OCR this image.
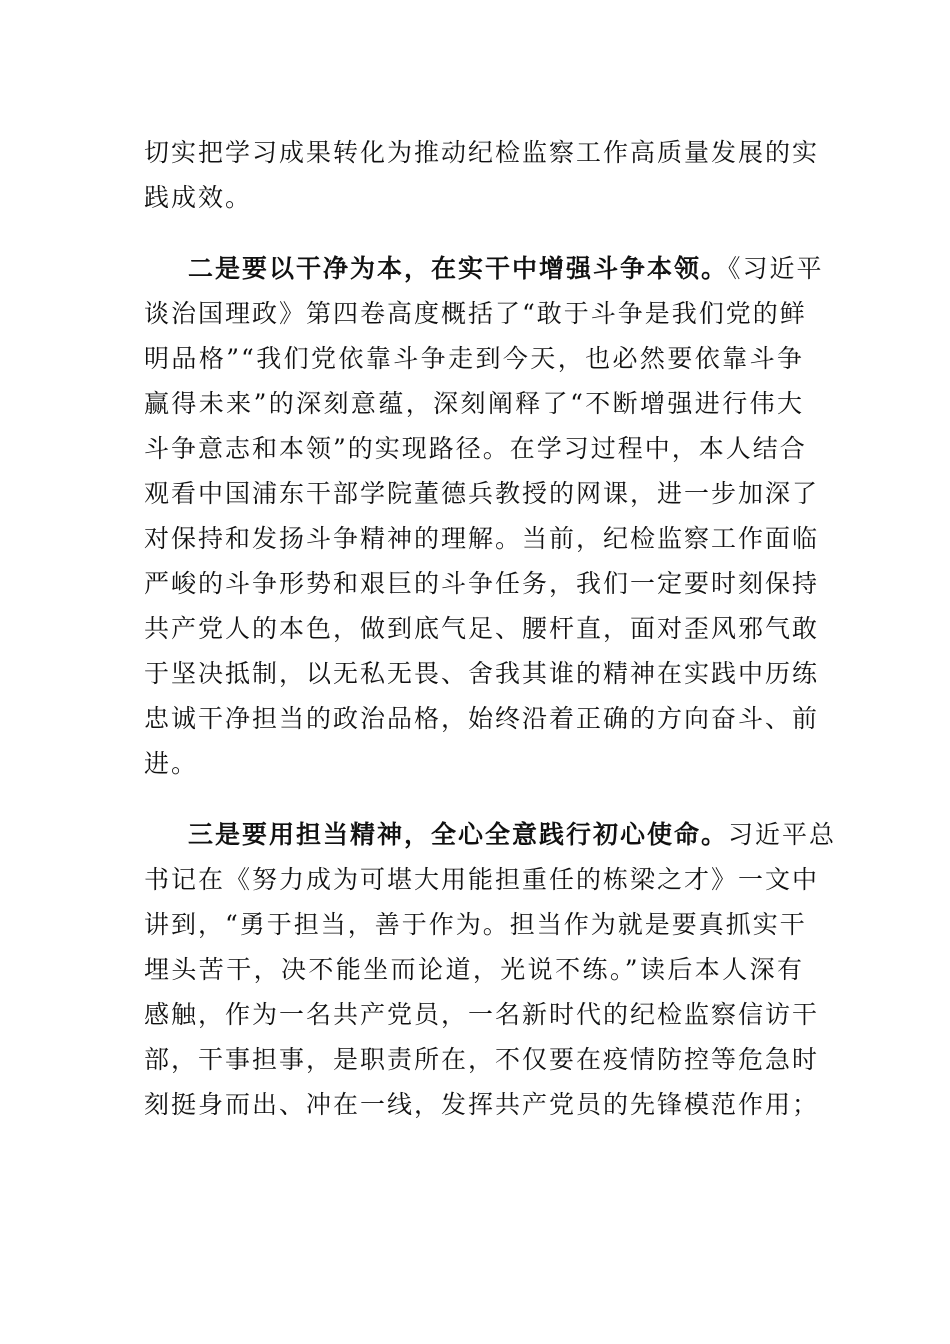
切实把学习成果转化为推动纪检监察工作高质量发展的实
践成效。
二是要以干净为本，在实干中增强斗争本领。《习近平
谈治国理政》第四卷高度概括了“敢于斗争是我们党的鲜
明品格”“我们党依靠斗争走到今天，也必然要依靠斗争
赢得未来”的深刻意蕴，深刻阐释了“不断增强进行伟大
斗争意志和本领”的实现路径。在学习过程中，本人结合
观看中国浦东干部学院董德兵教授的网课，进一步加深了
对保持和发扬斗争精神的理解。当前，纪检监察工作面临
严峻的斗争形势和艰巨的斗争任务，我们一定要时刻保持
共产党人的本色，做到底气足、腰杆直，面对歪风邪气敢
于坚决抵制，以无私无畏、舍我其谁的精神在实践中历练
忠诚干净担当的政治品格，始终沿着正确的方向奋斗、前
进。
三是要用担当精神，全心全意践行初心使命。习近平总
书记在《努力成为可堪大用能担重任的栋梁之才》一文中
讲到，“勇于担当，善于作为。担当作为就是要真抓实干
埋头苦干，决不能坐而论道，光说不练。”读后本人深有
感触，作为一名共产党员，一名新时代的纪检监察信访干
部，干事担事，是职责所在，不仅要在疫情防控等危急时
刻挺身而出、冲在一线，发挥共产党员的先锋模范作用；
